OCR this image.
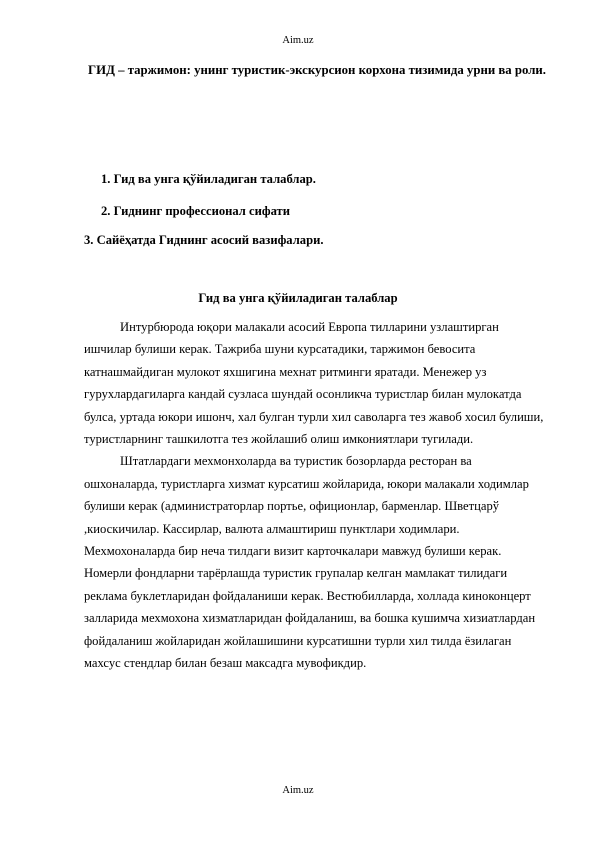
Aim.uz
ГИД – таржимон: унинг туристик-экскурсион корхона тизимида урни ва роли.
1. Гид ва унга қўйиладиган талаблар.
2. Гиднинг профессионал сифати
3. Сайёҳатда Гиднинг асосий вазифалари.
Гид ва унга қўйиладиган талаблар

Интурбюрода юқори малакали асосий Европа тилларини узлаштирган ишчилар булиши керак. Тажриба шуни курсатадики, таржимон бевосита катнашмайдиган мулокот яхшигина мехнат ритминги яратади. Менежер уз гурухлардагиларга кандай сузласа шундай осонликча туристлар билан мулокатда булса, уртада юкори ишонч, хал булган турли хил саволарга тез жавоб хосил булиши, туристларнинг ташкилотга тез жойлашиб олиш имкониятлари тугилади.

Штатлардаги мехмонхоларда ва туристик бозорларда ресторан ва ошхоналарда, туристларга хизмат курсатиш жойларида, юкори малакали ходимлар булиши керак (администраторлар портье, официонлар, барменлар. Шветцарў ,киоскичилар. Кассирлар, валюта алмаштириш пунктлари ходимлари. Мехмохоналарда бир неча тилдаги визит карточкалари мавжуд булиши керак. Номерли фондларни тарёрлашда туристик групалар келган мамлакат тилидаги реклама буклетларидан фойдаланиши керак. Вестюбилларда, холлада киноконцерт залларида мехмохона хизматларидан фойдаланиш, ва бошка кушимча хизиатлардан фойдаланиш жойларидан жойлашишини курсатишни турли хил тилда ёзилаган махсус стендлар билан безаш максадга мувофикдир.

Aim.uz
